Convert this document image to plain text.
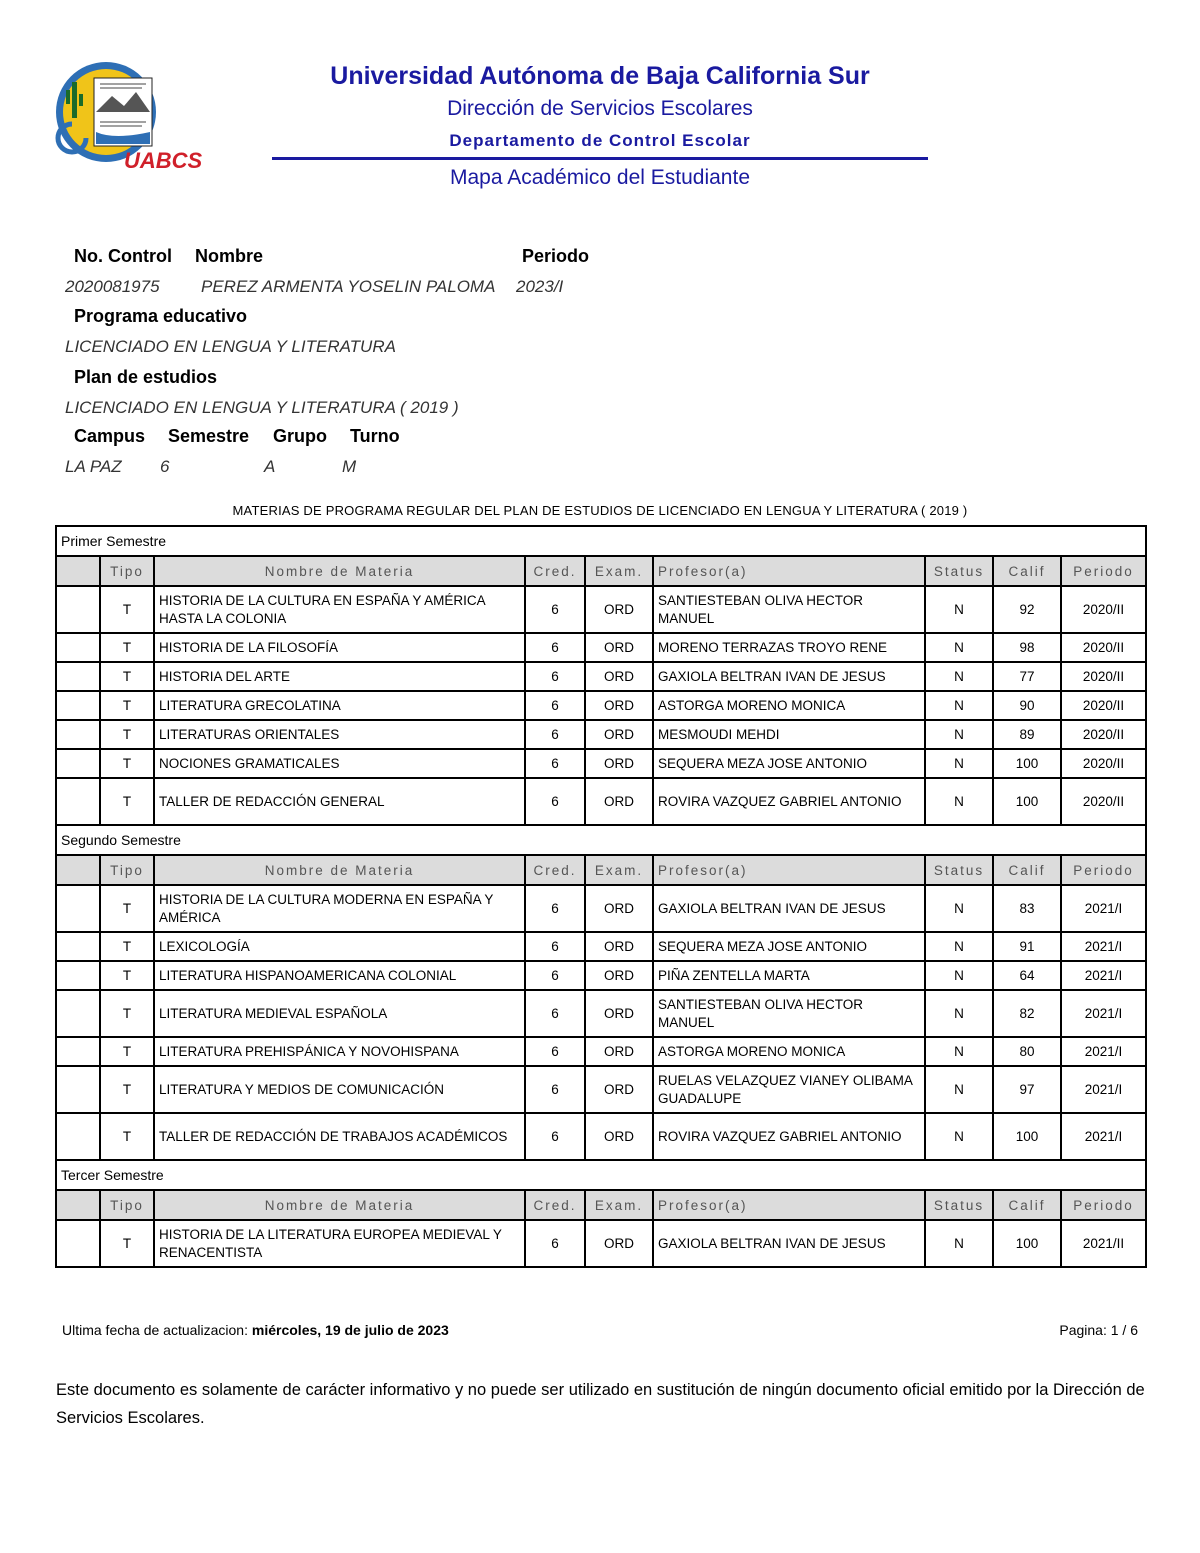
UABCS
Universidad Autónoma de Baja California Sur
Dirección de Servicios Escolares
Departamento de Control Escolar
Mapa Académico del Estudiante
No. Control Nombre	Periodo
2020081975 PEREZ ARMENTA YOSELIN PALOMA 2023/I
Programa educativo
LICENCIADO EN LENGUA Y LITERATURA
Plan de estudios
LICENCIADO EN LENGUA Y LITERATURA ( 2019 )
Campus Semestre Grupo Turno
LA PAZ 6	A	M
MATERIAS DE PROGRAMA REGULAR DEL PLAN DE ESTUDIOS DE LICENCIADO EN LENGUA Y LITERATURA ( 2019 )
Primer Semestre								
	Tipo	Nombre de Materia	Cred.	Exam.	Profesor(a)	Status	Calif	Periodo
	T	HISTORIA DE LA CULTURA EN ESPAÑA Y AMÉRICA HASTA LA COLONIA	6	ORD	SANTIESTEBAN OLIVA HECTOR MANUEL	N	92	2020/II
	T	HISTORIA DE LA FILOSOFÍA	6	ORD	MORENO TERRAZAS TROYO RENE	N	98	2020/II
	T	HISTORIA DEL ARTE	6	ORD	GAXIOLA BELTRAN IVAN DE JESUS	N	77	2020/II
	T	LITERATURA GRECOLATINA	6	ORD	ASTORGA MORENO MONICA	N	90	2020/II
	T	LITERATURAS ORIENTALES	6	ORD	MESMOUDI MEHDI	N	89	2020/II
	T	NOCIONES GRAMATICALES	6	ORD	SEQUERA MEZA JOSE ANTONIO	N	100	2020/II
	T	TALLER DE REDACCIÓN GENERAL	6	ORD	ROVIRA VAZQUEZ GABRIEL ANTONIO	N	100	2020/II
Segundo Semestre								
	Tipo	Nombre de Materia	Cred.	Exam.	Profesor(a)	Status	Calif	Periodo
	T	HISTORIA DE LA CULTURA MODERNA EN ESPAÑA Y AMÉRICA	6	ORD	GAXIOLA BELTRAN IVAN DE JESUS	N	83	2021/I
	T	LEXICOLOGÍA	6	ORD	SEQUERA MEZA JOSE ANTONIO	N	91	2021/I
	T	LITERATURA HISPANOAMERICANA COLONIAL	6	ORD	PIÑA ZENTELLA MARTA	N	64	2021/I
	T	LITERATURA MEDIEVAL ESPAÑOLA	6	ORD	SANTIESTEBAN OLIVA HECTOR MANUEL	N	82	2021/I
	T	LITERATURA PREHISPÁNICA Y NOVOHISPANA	6	ORD	ASTORGA MORENO MONICA	N	80	2021/I
	T	LITERATURA Y MEDIOS DE COMUNICACIÓN	6	ORD	RUELAS VELAZQUEZ VIANEY OLIBAMA GUADALUPE	N	97	2021/I
	T	TALLER DE REDACCIÓN DE TRABAJOS ACADÉMICOS	6	ORD	ROVIRA VAZQUEZ GABRIEL ANTONIO	N	100	2021/I
Tercer Semestre								
	Tipo	Nombre de Materia	Cred.	Exam.	Profesor(a)	Status	Calif	Periodo
	T	HISTORIA DE LA LITERATURA EUROPEA MEDIEVAL Y RENACENTISTA	6	ORD	GAXIOLA BELTRAN IVAN DE JESUS	N	100	2021/II
Ultima fecha de actualizacion: miércoles, 19 de julio de 2023	Pagina: 1 / 6
Este documento es solamente de carácter informativo y no puede ser utilizado en sustitución de ningún documento oficial emitido por la Dirección de Servicios Escolares.
